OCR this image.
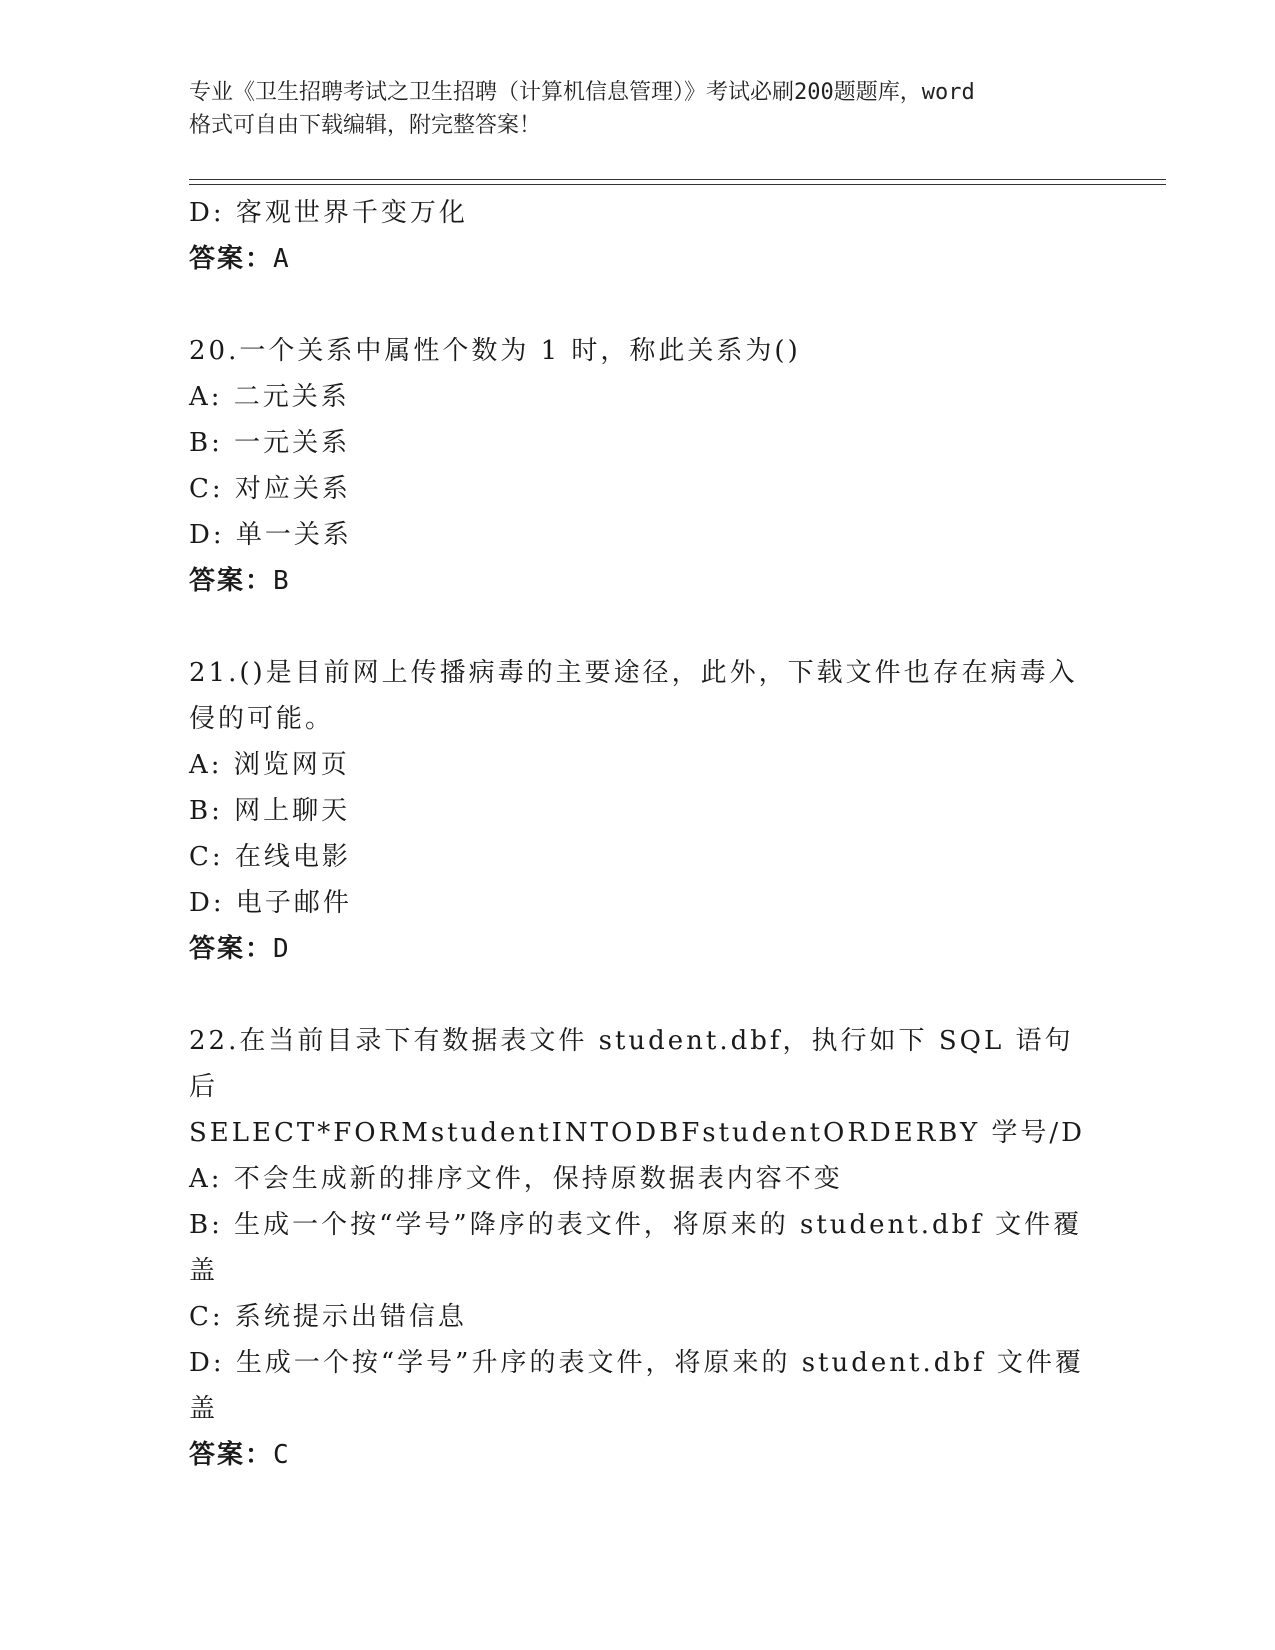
专业《卫生招聘考试之卫生招聘（计算机信息管理）》考试必刷200题题库，word
格式可自由下载编辑，附完整答案！

D: 客观世界千变万化

答案：A

20.一个关系中属性个数为 1 时，称此关系为()

A: 二元关系

B: 一元关系

C: 对应关系

D: 单一关系

答案：B

21.()是目前网上传播病毒的主要途径，此外，下载文件也存在病毒入

侵的可能。

A: 浏览网页

B: 网上聊天

C: 在线电影

D: 电子邮件

答案：D

22.在当前目录下有数据表文件 student.dbf，执行如下 SQL 语句后

SELECT*FORMstudentINTODBFstudentORDERBY 学号/D

A: 不会生成新的排序文件，保持原数据表内容不变

B: 生成一个按“学号”降序的表文件，将原来的 student.dbf 文件覆

盖

C: 系统提示出错信息

D: 生成一个按“学号”升序的表文件，将原来的 student.dbf 文件覆

盖

答案：C
